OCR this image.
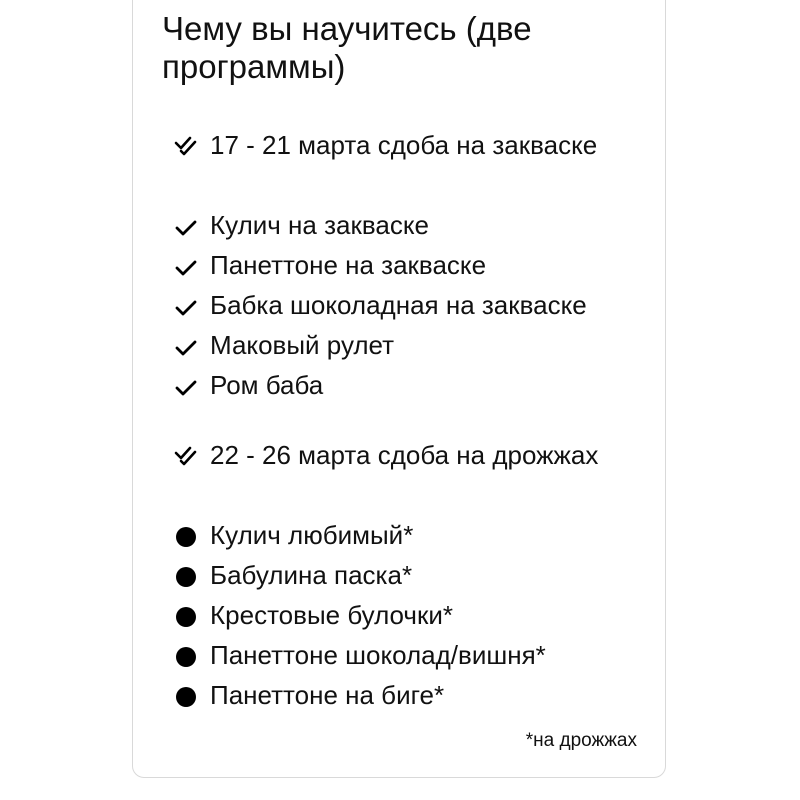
Чему вы научитесь (две программы)
17 - 21 марта сдоба на закваске
Кулич на закваске
Панеттоне на закваске
Бабка шоколадная на закваске
Маковый рулет
Ром баба
22 - 26 марта сдоба на дрожжах
Кулич любимый*
Бабулина паска*
Крестовые булочки*
Панеттоне шоколад/вишня*
Панеттоне на биге*
*на дрожжах
